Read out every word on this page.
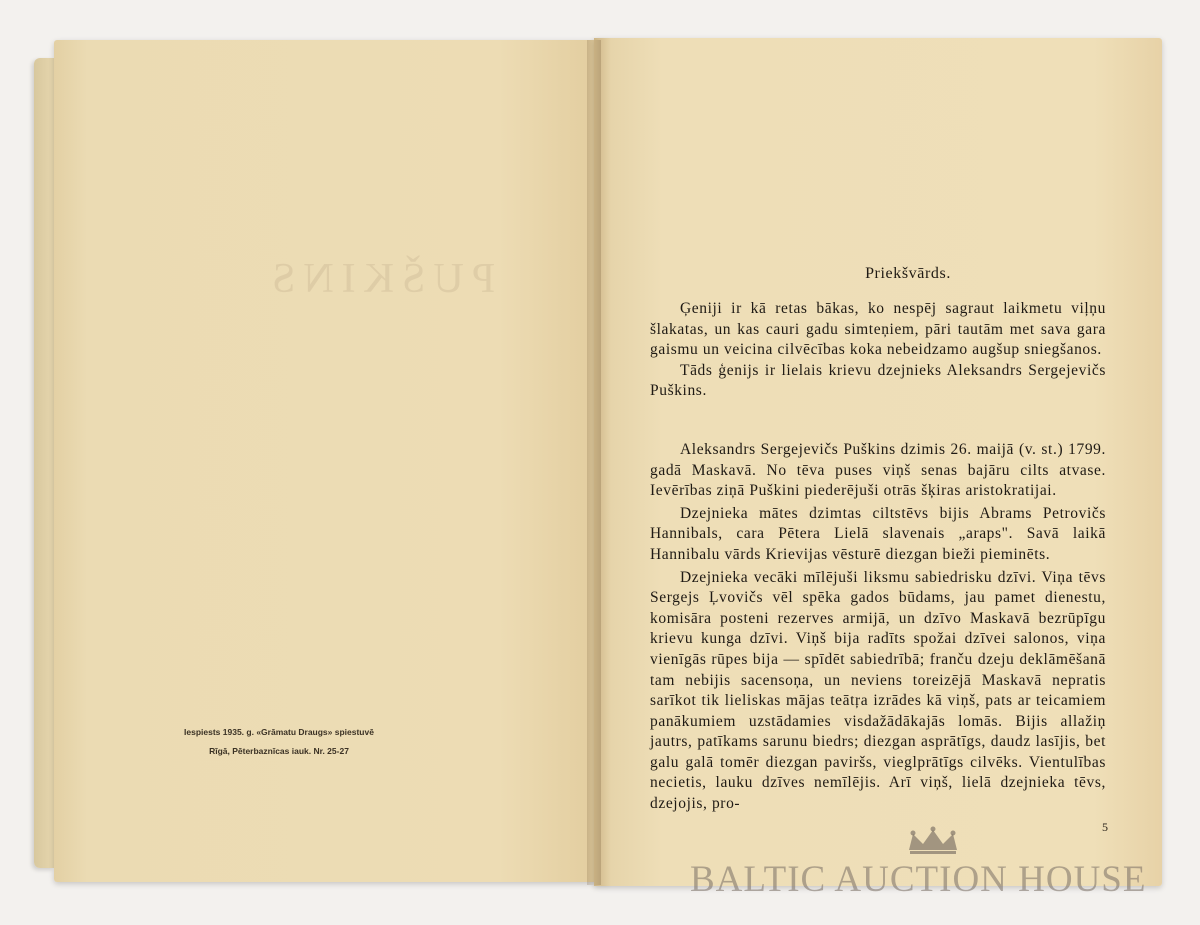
PUŠKINS
Iespiests 1935. g. «Grāmatu Draugs» spiestuvē
Rīgā, Pēterbaznīcas iauk. Nr. 25-27
Priekšvārds.

Ģeniji ir kā retas bākas, ko nespēj sagraut laikmetu viļņu šlakatas, un kas cauri gadu simteņiem, pāri tautām met sava gara gaismu un veicina cilvēcības koka nebeidzamo augšup sniegšanos.

Tāds ģenijs ir lielais krievu dzejnieks Aleksandrs Sergejevičs Puškins.

Aleksandrs Sergejevičs Puškins dzimis 26. maijā (v. st.) 1799. gadā Maskavā. No tēva puses viņš senas bajāru cilts atvase. Ievērības ziņā Puškini piederējuši otrās šķiras aristokratijai.

Dzejnieka mātes dzimtas ciltstēvs bijis Abrams Petrovičs Hannibals, cara Pētera Lielā slavenais „araps". Savā laikā Hannibalu vārds Krievijas vēsturē diezgan bieži pieminēts.

Dzejnieka vecāki mīlējuši liksmu sabiedrisku dzīvi. Viņa tēvs Sergejs Ļvovičs vēl spēka gados būdams, jau pamet dienestu, komisāra posteni rezerves armijā, un dzīvo Maskavā bezrūpīgu krievu kunga dzīvi. Viņš bija radīts spožai dzīvei salonos, viņa vienīgās rūpes bija — spīdēt sabiedrībā; franču dzeju deklāmēšanā tam nebijis sacensoņa, un neviens toreizējā Maskavā nepratis sarīkot tik lieliskas mājas teātŗa izrādes kā viņš, pats ar teicamiem panākumiem uzstādamies visdažādākajās lomās. Bijis allažiņ jautrs, patīkams sarunu biedrs; diezgan asprātīgs, daudz lasījis, bet galu galā tomēr diezgan paviršs, vieglprātīgs cilvēks. Vientulības necietis, lauku dzīves nemīlējis. Arī viņš, lielā dzejnieka tēvs, dzejojis, pro-

5
BALTIC AUCTION HOUSE
